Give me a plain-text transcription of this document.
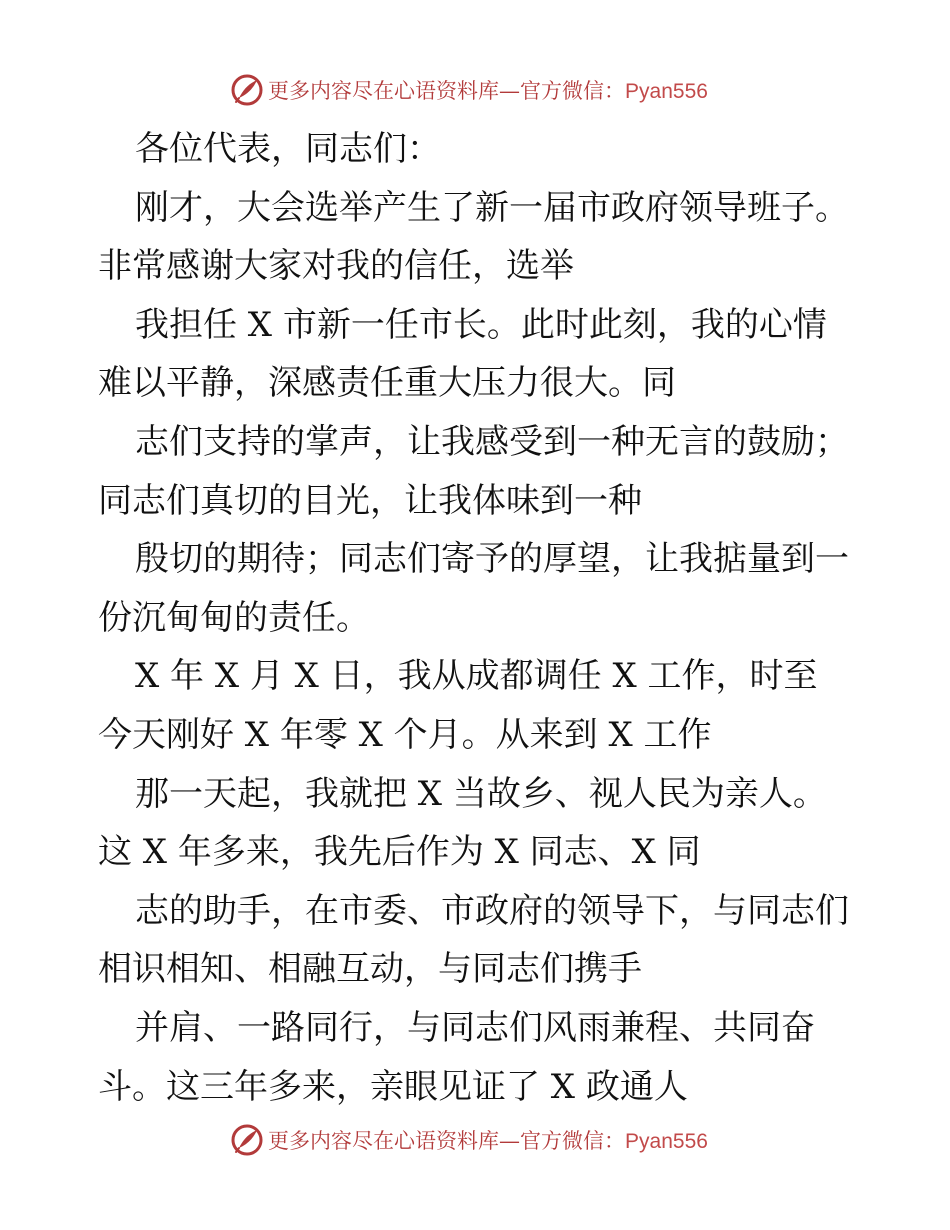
更多内容尽在心语资料库—官方微信：Pyan556
各位代表，同志们：
刚才，大会选举产生了新一届市政府领导班子。
非常感谢大家对我的信任，选举
我担任 X 市新一任市长。此时此刻，我的心情
难以平静，深感责任重大压力很大。同
志们支持的掌声，让我感受到一种无言的鼓励；
同志们真切的目光，让我体味到一种
殷切的期待；同志们寄予的厚望，让我掂量到一
份沉甸甸的责任。
X 年 X 月 X 日，我从成都调任 X 工作，时至
今天刚好 X 年零 X 个月。从来到 X 工作
那一天起，我就把 X 当故乡、视人民为亲人。
这 X 年多来，我先后作为 X 同志、X 同
志的助手，在市委、市政府的领导下，与同志们
相识相知、相融互动，与同志们携手
并肩、一路同行，与同志们风雨兼程、共同奋
斗。这三年多来，亲眼见证了 X 政通人
更多内容尽在心语资料库—官方微信：Pyan556
